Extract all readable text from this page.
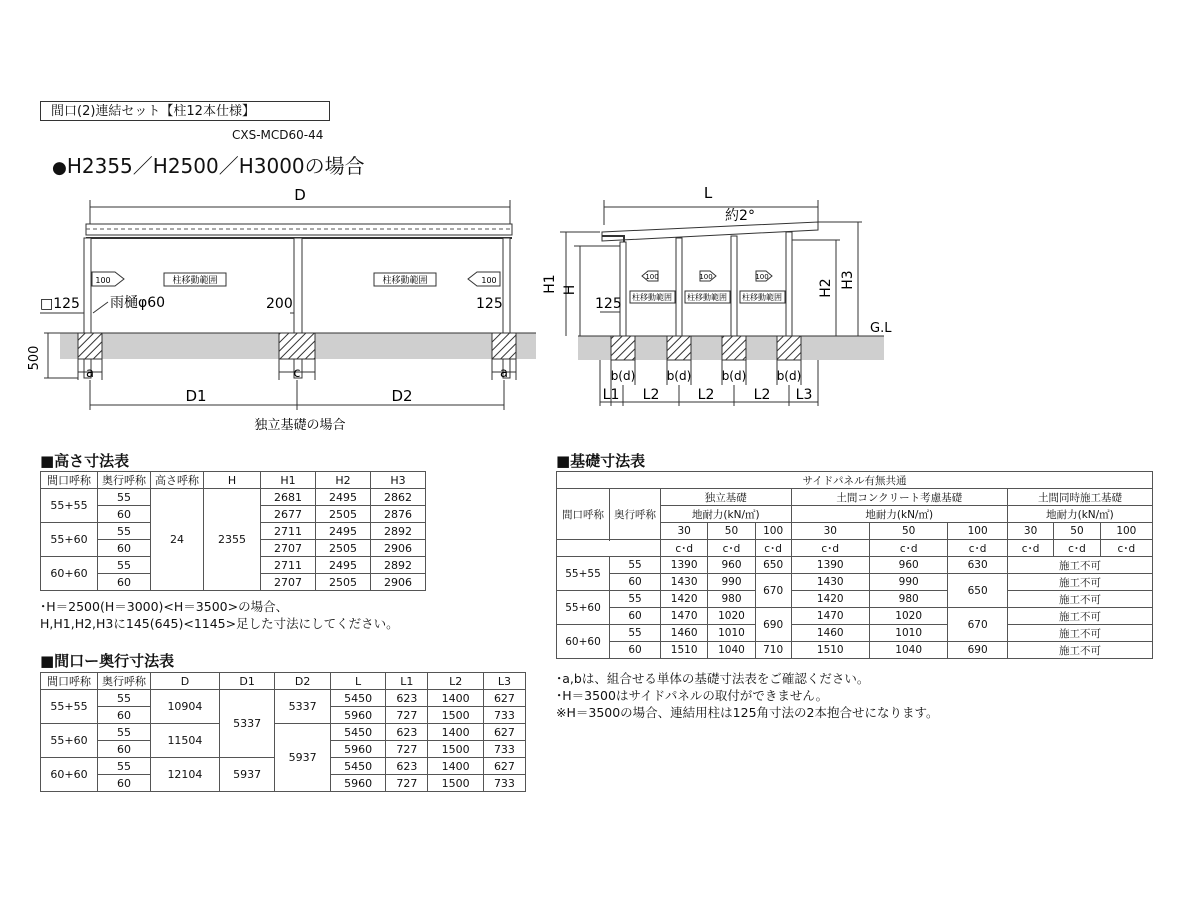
間口(2)連結セット【柱12本仕様】
CXS-MCD60-44
●H2355／H2500／H3000の場合
D
柱移動範囲	柱移動範囲
100	100
□125 雨樋φ60	200	125
500
a	c	a
D1	D2
独立基礎の場合
L
約2°
柱移動範囲 柱移動範囲 柱移動範囲
100	100	100
H1 H
125
H2 H3
G.L
b(d)	b(d)	b(d)	b(d)
L1 L2	L2	L2 L3
■高さ寸法表
間口呼称	奥行呼称	高さ呼称	H	H1	H2	H3
55+55	55	24	2355	2681	2495	2862
	60			2677	2505	2876
55+60	55			2711	2495	2892
	60			2707	2505	2906
60+60	55			2711	2495	2892
	60			2707	2505	2906
･H＝2500(H＝3000)<H＝3500>の場合、
H,H1,H2,H3に145(645)<1145>足した寸法にしてください。
■間口ー奥行寸法表
間口呼称	奥行呼称	D	D1	D2	L	L1	L2	L3
55+55	55	10904	5337	5337	5450	623	1400	627
	60				5960	727	1500	733
55+60	55	11504		5937	5450	623	1400	627
	60				5960	727	1500	733
60+60	55	12104	5937		5450	623	1400	627
	60				5960	727	1500	733
■基礎寸法表
サイドパネル有無共通										
間口呼称	奥行呼称	独立基礎			土間コンクリート考慮基礎			土間同時施工基礎		
		地耐力(kN/㎡)			地耐力(kN/㎡)			地耐力(kN/㎡)		
		30	50	100	30	50	100	30	50	100

		c･d	c･d	c･d	c･d	c･d	c･d	c･d	c･d	c･d
55+55	55	1390	960	650	1390	960	630	施工不可		
	60	1430	990	670	1430	990	650	施工不可		
55+60	55	1420	980		1420	980		施工不可		
	60	1470	1020	690	1470	1020	670	施工不可		
60+60	55	1460	1010		1460	1010		施工不可		
	60	1510	1040	710	1510	1040	690	施工不可		
･a,bは、組合せる単体の基礎寸法表をご確認ください。
･H＝3500はサイドパネルの取付ができません。
※H＝3500の場合、連結用柱は125角寸法の2本抱合せになります。
